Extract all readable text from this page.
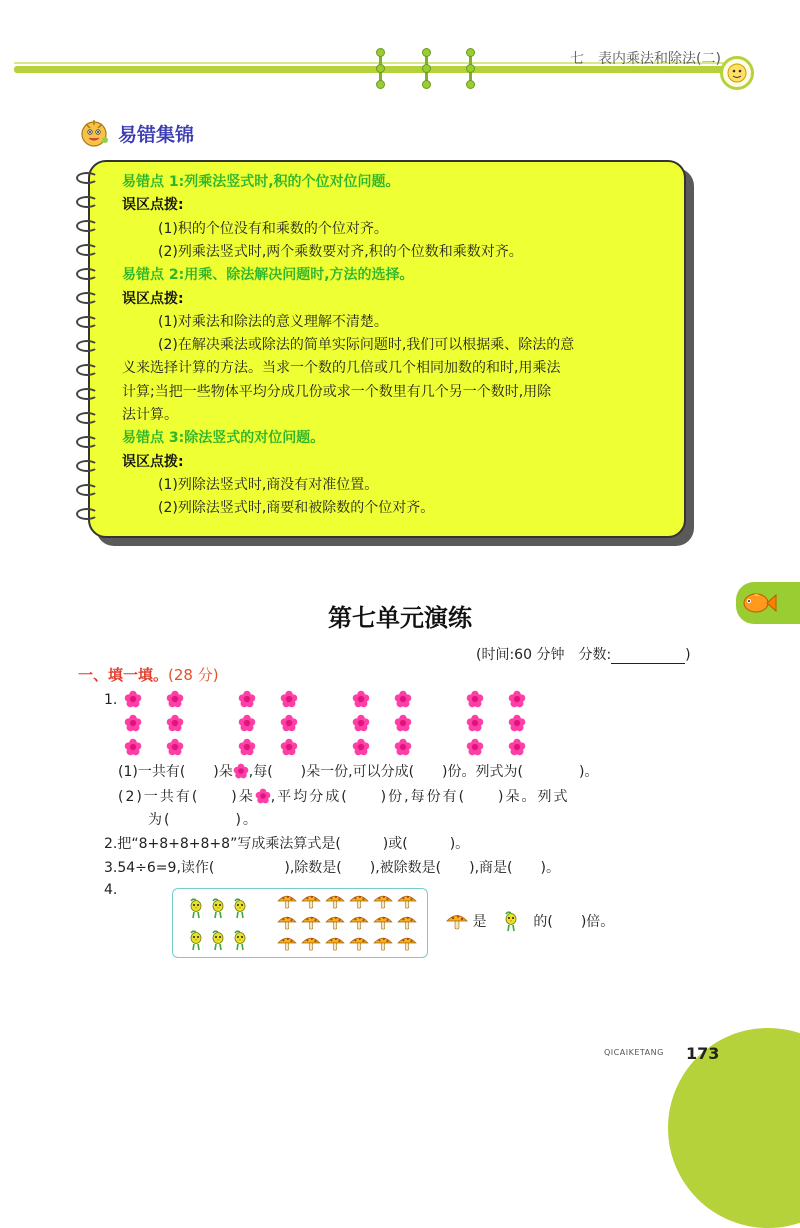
七　表内乘法和除法(二)
易错集锦
易错点 1:列乘法竖式时,积的个位对位问题。
误区点拨:
(1)积的个位没有和乘数的个位对齐。
(2)列乘法竖式时,两个乘数要对齐,积的个位数和乘数对齐。
易错点 2:用乘、除法解决问题时,方法的选择。
误区点拨:
(1)对乘法和除法的意义理解不清楚。
(2)在解决乘法或除法的简单实际问题时,我们可以根据乘、除法的意
义来选择计算的方法。当求一个数的几倍或几个相同加数的和时,用乘法
计算;当把一些物体平均分成几份或求一个数里有几个另一个数时,用除
法计算。
易错点 3:除法竖式的对位问题。
误区点拨:
(1)列除法竖式时,商没有对准位置。
(2)列除法竖式时,商要和被除数的个位对齐。
第七单元演练
(时间:60 分钟　分数:	)
一、填一填。(28 分)
1.
(1)一共有(　　)朵 ,每(　　)朵一份,可以分成(　　)份。列式为(　　　　)。
(2)一共有(　　)朵 ,平均分成(　　)份,每份有(　　)朵。列式
为(　　　　)。
2.把“8+8+8+8+8”写成乘法算式是(　　　)或(　　　)。
3.54÷6=9,读作(　　　　　),除数是(　　),被除数是(　　),商是(　　)。
4.
是	的(　　)倍。
QICAIKETANG 173
